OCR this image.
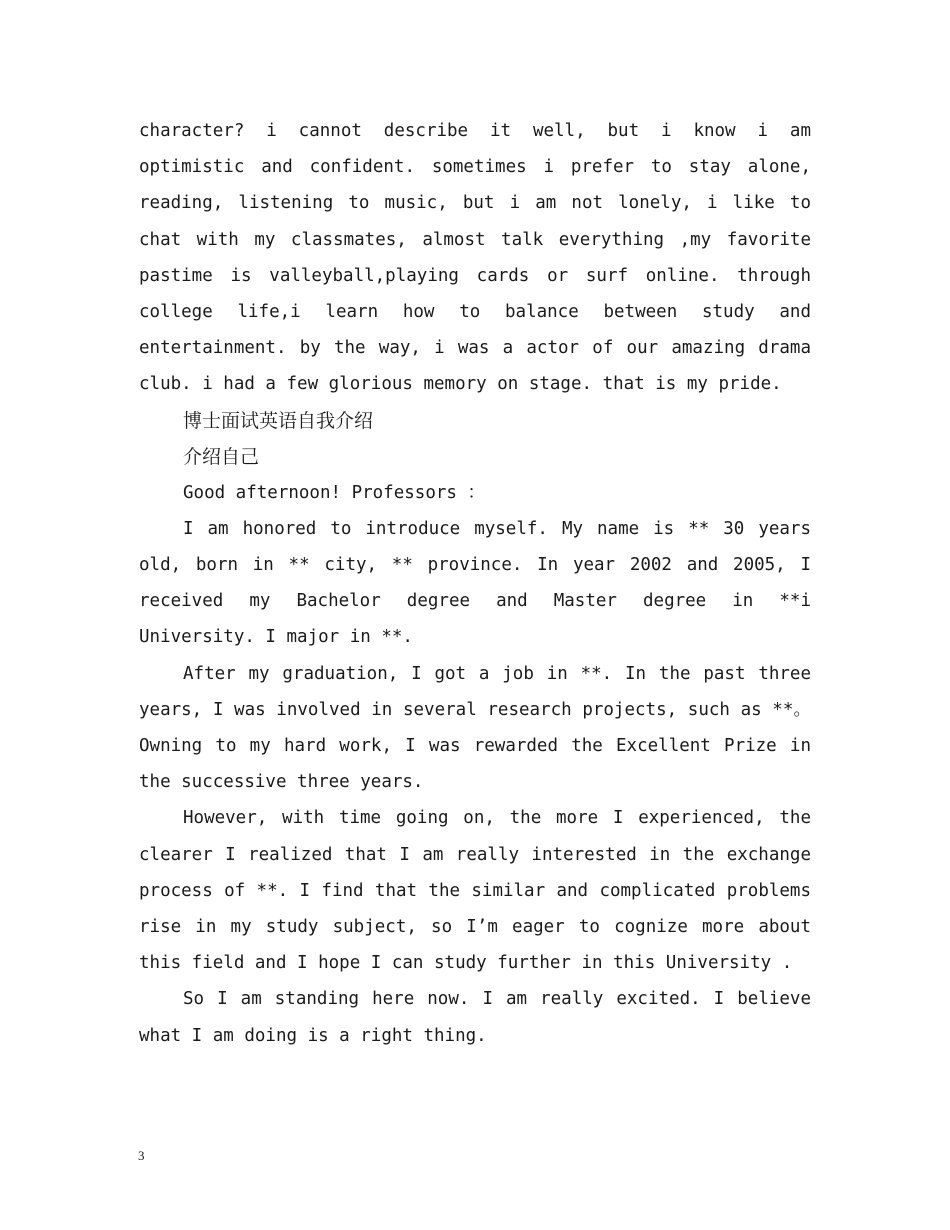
character? i cannot describe it well, but i know i am optimistic and confident. sometimes i prefer to stay alone, reading, listening to music, but i am not lonely, i like to chat with my classmates, almost talk everything ,my favorite pastime is valleyball,playing cards or surf online. through college life,i learn how to balance between study and entertainment. by the way, i was a actor of our amazing drama club. i had a few glorious memory on stage. that is my pride.

博士面试英语自我介绍

介绍自己

Good afternoon! Professors ：

I am honored to introduce myself. My name is ** 30 years old, born in ** city, ** province. In year 2002 and 2005, I received my Bachelor degree and Master degree in **i University. I major in **.

After my graduation, I got a job in **. In the past three years, I was involved in several research projects, such as **。Owning to my hard work, I was rewarded the Excellent Prize in the successive three years.

However, with time going on, the more I experienced, the clearer I realized that I am really interested in the exchange process of **. I find that the similar and complicated problems rise in my study subject, so I’m eager to cognize more about this field and I hope I can study further in this University .

So I am standing here now. I am really excited. I believe what I am doing is a right thing.

3
